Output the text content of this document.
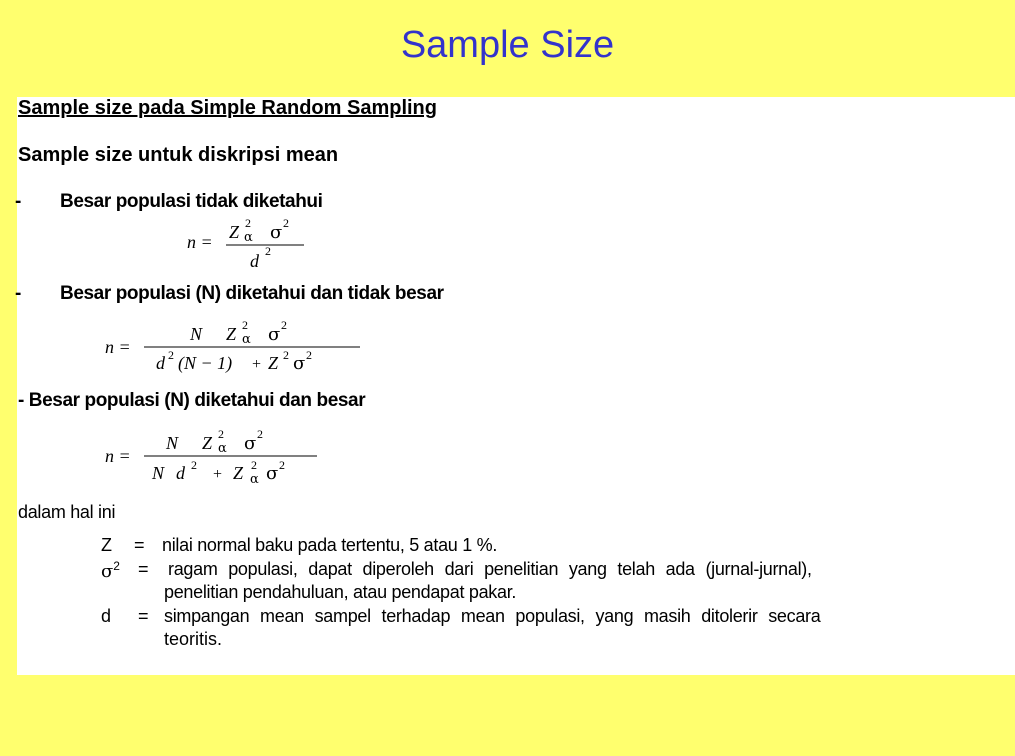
Sample Size
Sample size pada Simple Random Sampling
Sample size untuk diskripsi mean
- Besar populasi tidak diketahui
n = Z 2
α σ 2
d 2
- Besar populasi (N) diketahui dan tidak besar
n =
N Z 2
α σ 2
d 2 (N − 1) + Z 2 σ 2
- Besar populasi (N) diketahui dan besar
n =
N Z 2
α σ 2
N d 2
+ Z 2
α σ 2
dalam hal ini
Z = nilai normal baku pada tertentu, 5 atau 1 %.
$\sigma^2$ = ragam populasi, dapat diperoleh dari penelitian yang telah ada (jurnal-jurnal),
penelitian pendahuluan, atau pendapat pakar.
d = simpangan mean sampel terhadap mean populasi, yang masih ditolerir secara
teoritis.
